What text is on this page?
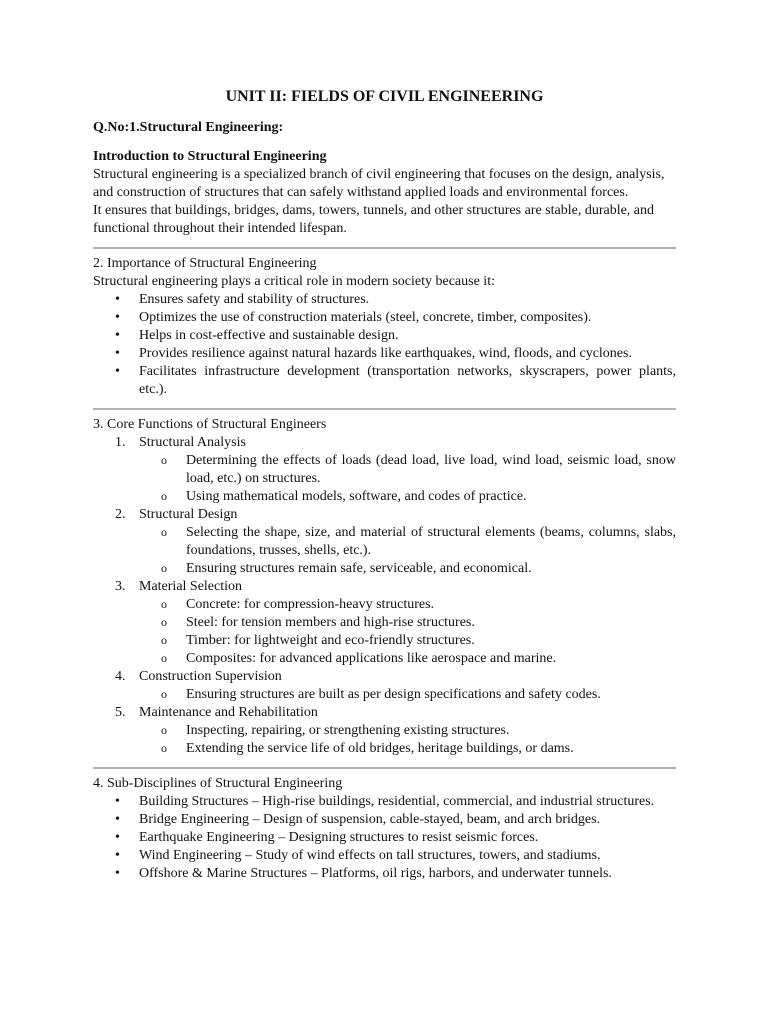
UNIT II: FIELDS OF CIVIL ENGINEERING

Q.No:1.Structural Engineering:

Introduction to Structural Engineering

Structural engineering is a specialized branch of civil engineering that focuses on the design, analysis, and construction of structures that can safely withstand applied loads and environmental forces.

It ensures that buildings, bridges, dams, towers, tunnels, and other structures are stable, durable, and functional throughout their intended lifespan.

2. Importance of Structural Engineering

Structural engineering plays a critical role in modern society because it:

• Ensures safety and stability of structures.
• Optimizes the use of construction materials (steel, concrete, timber, composites).
• Helps in cost-effective and sustainable design.
• Provides resilience against natural hazards like earthquakes, wind, floods, and cyclones.
• Facilitates infrastructure development (transportation networks, skyscrapers, power plants, etc.).

3. Core Functions of Structural Engineers

1. Structural Analysis
o Determining the effects of loads (dead load, live load, wind load, seismic load, snow load, etc.) on structures.
o Using mathematical models, software, and codes of practice.
2. Structural Design
o Selecting the shape, size, and material of structural elements (beams, columns, slabs, foundations, trusses, shells, etc.).
o Ensuring structures remain safe, serviceable, and economical.
3. Material Selection
o Concrete: for compression-heavy structures.
o Steel: for tension members and high-rise structures.
o Timber: for lightweight and eco-friendly structures.
o Composites: for advanced applications like aerospace and marine.
4. Construction Supervision
o Ensuring structures are built as per design specifications and safety codes.
5. Maintenance and Rehabilitation
o Inspecting, repairing, or strengthening existing structures.
o Extending the service life of old bridges, heritage buildings, or dams.

4. Sub-Disciplines of Structural Engineering

• Building Structures – High-rise buildings, residential, commercial, and industrial structures.
• Bridge Engineering – Design of suspension, cable-stayed, beam, and arch bridges.
• Earthquake Engineering – Designing structures to resist seismic forces.
• Wind Engineering – Study of wind effects on tall structures, towers, and stadiums.
• Offshore & Marine Structures – Platforms, oil rigs, harbors, and underwater tunnels.
